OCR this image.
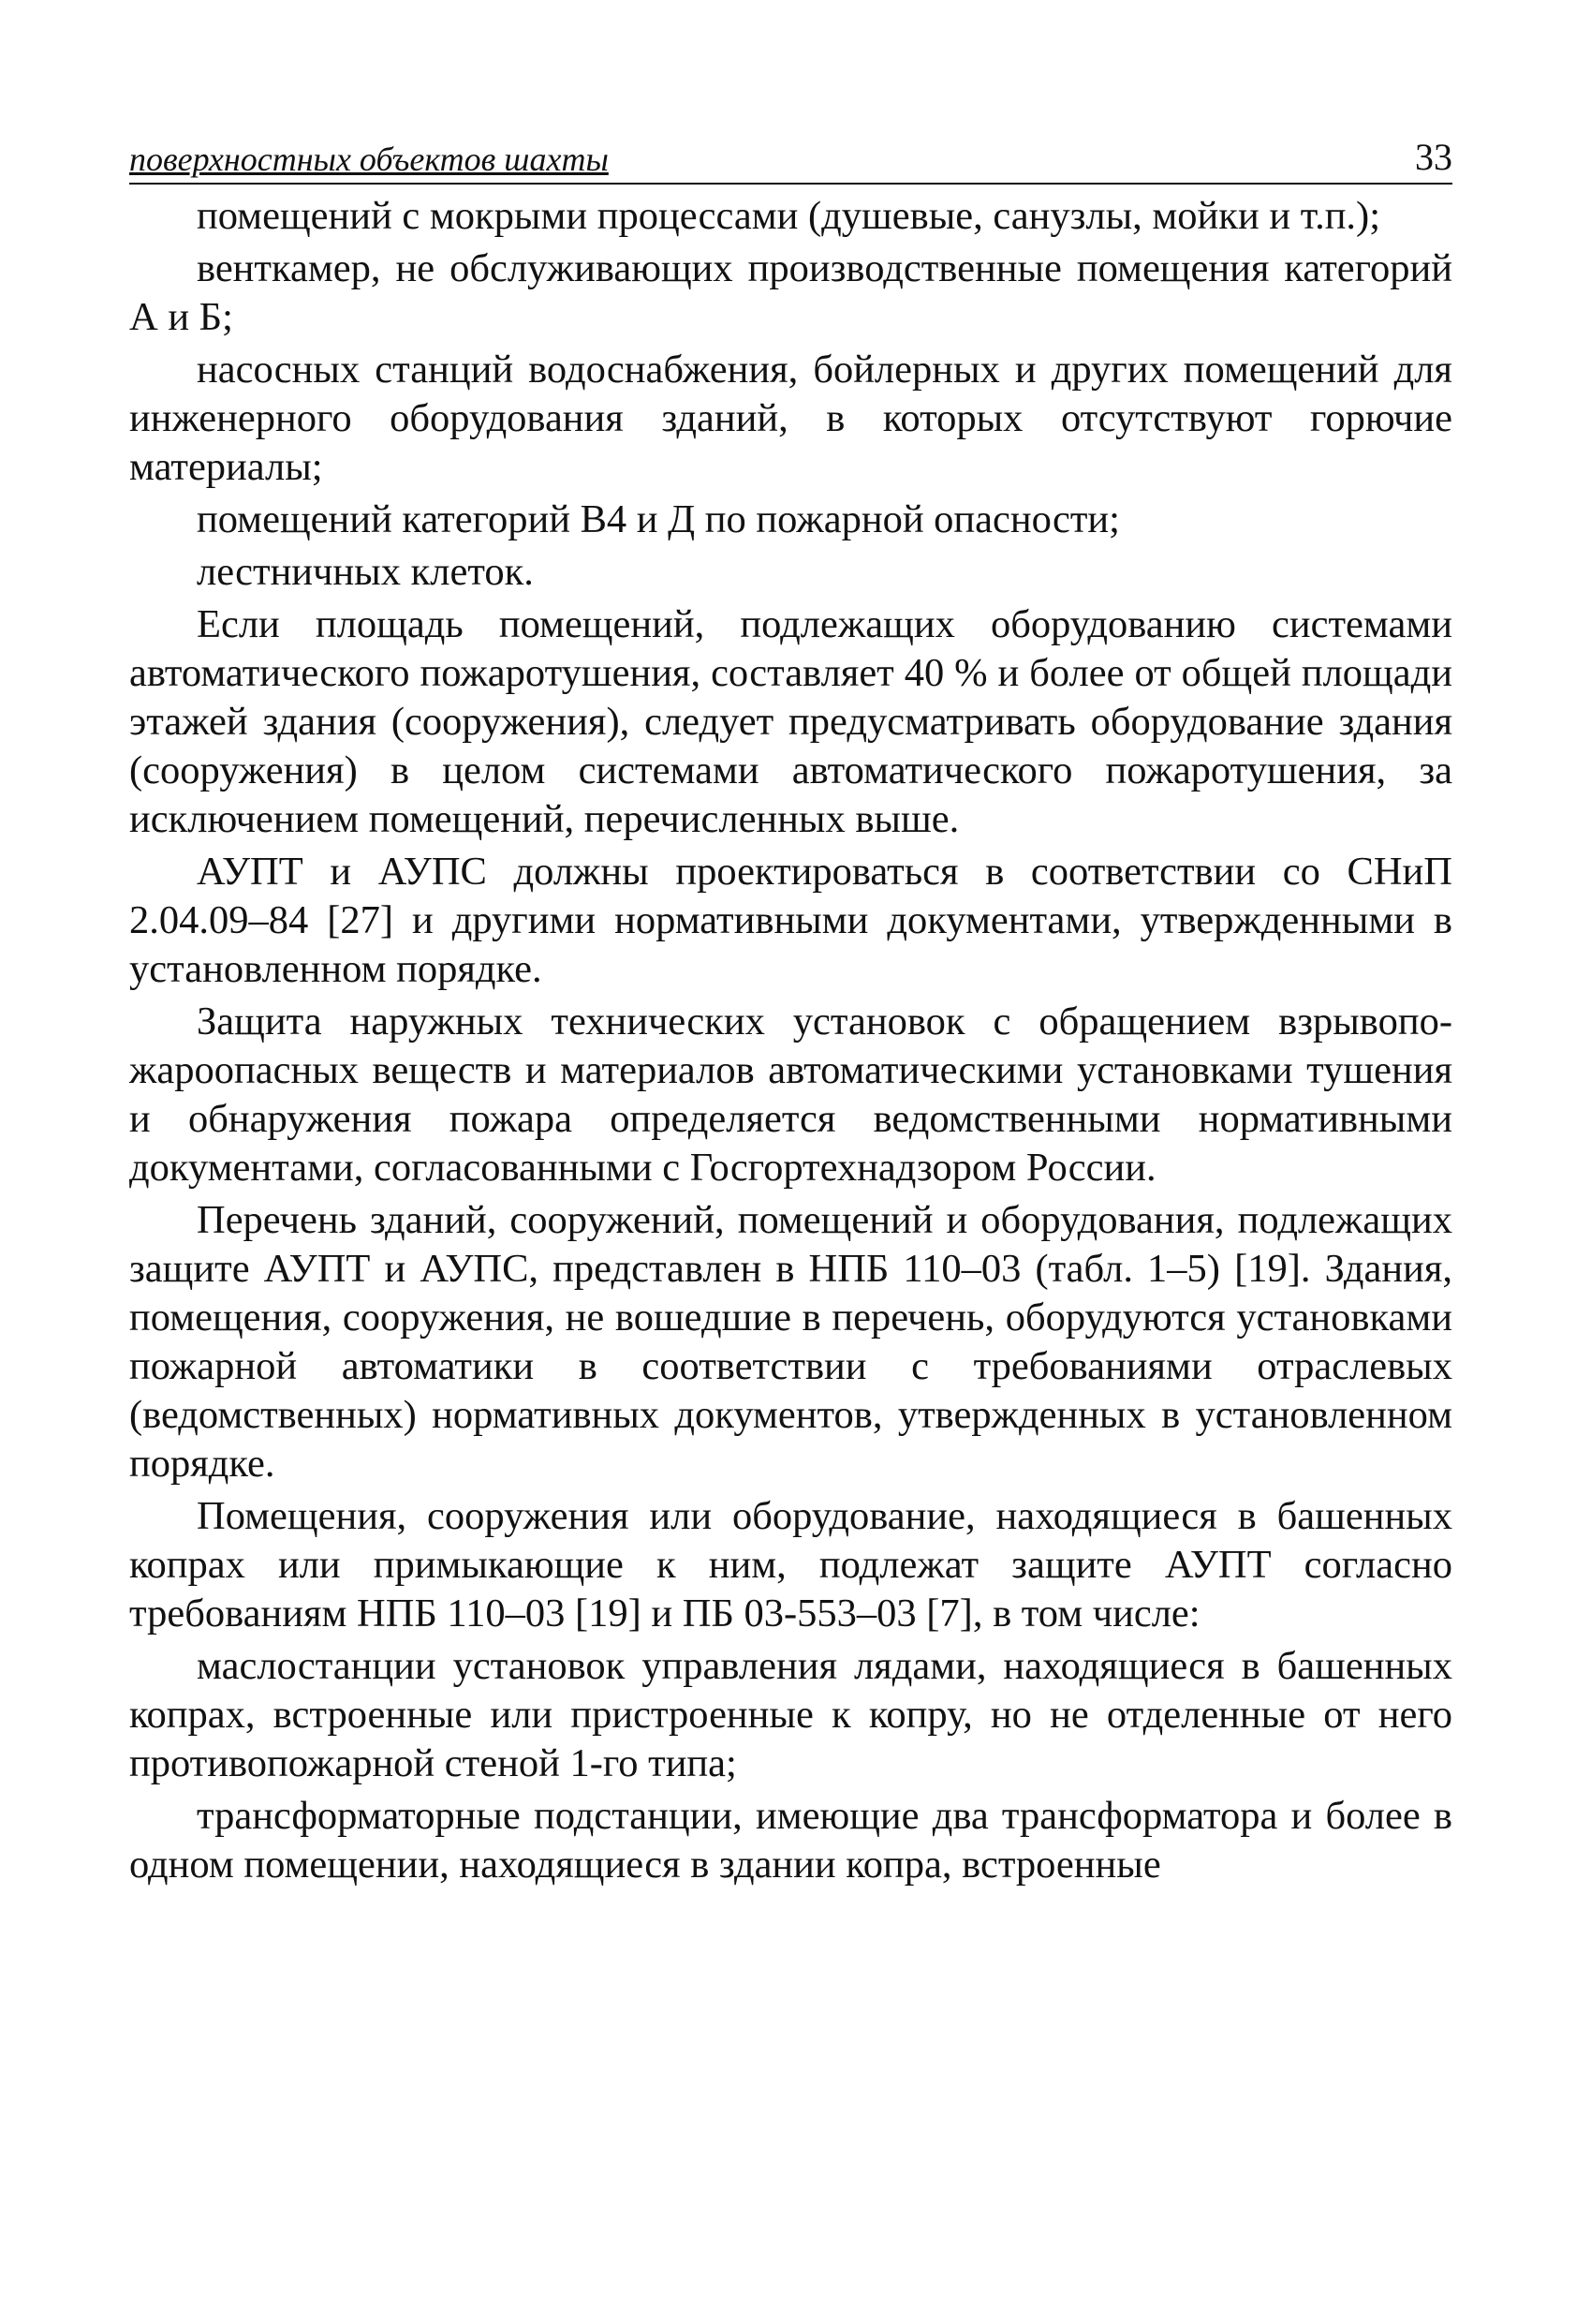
поверхностных объектов шахты	33

помещений с мокрыми процессами (душевые, санузлы, мойки и т.п.);

венткамер, не обслуживающих производственные помещения категорий А и Б;

насосных станций водоснабжения, бойлерных и других помещений для инженерного оборудования зданий, в которых отсутствуют горючие материалы;

помещений категорий В4 и Д по пожарной опасности;

лестничных клеток.

Если площадь помещений, подлежащих оборудованию системами автоматического пожаротушения, составляет 40 % и более от общей площади этажей здания (сооружения), следует предусматривать оборудование здания (сооружения) в целом системами автоматического пожаротушения, за исключением помещений, перечисленных выше.

АУПТ и АУПС должны проектироваться в соответствии со СНиП 2.04.09–84 [27] и другими нормативными документами, утвержденными в установленном порядке.

Защита наружных технических установок с обращением взрывопожароопасных веществ и материалов автоматическими установками тушения и обнаружения пожара определяется ведомственными нормативными документами, согласованными с Госгортехнадзором России.

Перечень зданий, сооружений, помещений и оборудования, подлежащих защите АУПТ и АУПС, представлен в НПБ 110–03 (табл. 1–5) [19]. Здания, помещения, сооружения, не вошедшие в перечень, оборудуются установками пожарной автоматики в соответствии с требованиями отраслевых (ведомственных) нормативных документов, утвержденных в установленном порядке.

Помещения, сооружения или оборудование, находящиеся в башенных копрах или примыкающие к ним, подлежат защите АУПТ согласно требованиям НПБ 110–03 [19] и ПБ 03-553–03 [7], в том числе:

маслостанции установок управления лядами, находящиеся в башенных копрах, встроенные или пристроенные к копру, но не отделенные от него противопожарной стеной 1-го типа;

трансформаторные подстанции, имеющие два трансформатора и более в одном помещении, находящиеся в здании копра, встроенные
